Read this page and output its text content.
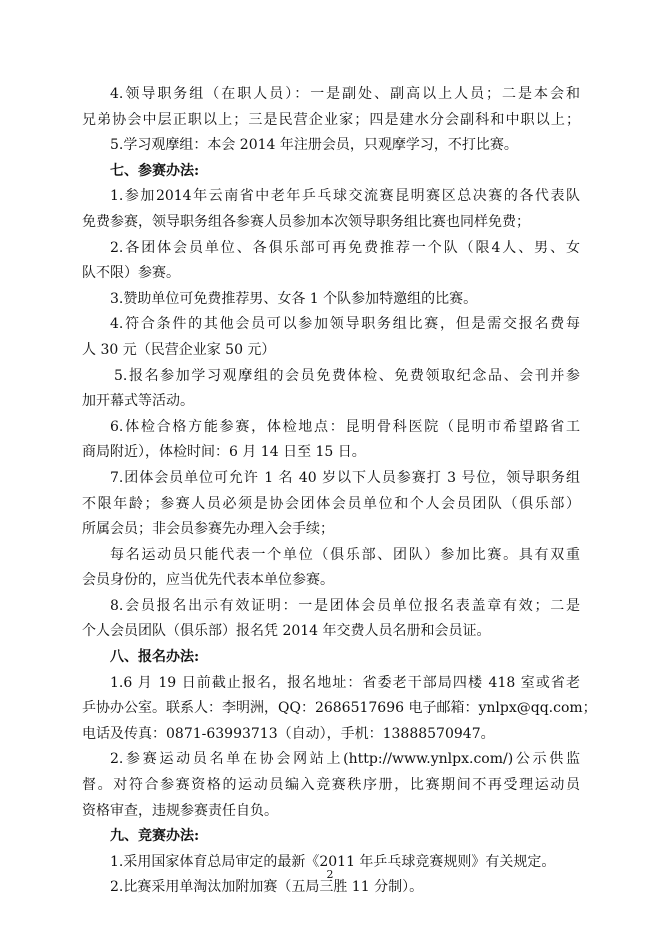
4.领导职务组（在职人员）：一是副处、副高以上人员；二是本会和
兄弟协会中层正职以上；三是民营企业家；四是建水分会副科和中职以上；
5.学习观摩组：本会 2014 年注册会员，只观摩学习，不打比赛。
七、参赛办法:
1.参加2014年云南省中老年乒乓球交流赛昆明赛区总决赛的各代表队
免费参赛，领导职务组各参赛人员参加本次领导职务组比赛也同样免费；
2.各团体会员单位、各俱乐部可再免费推荐一个队（限4人、男、女
队不限）参赛。
3.赞助单位可免费推荐男、女各 1 个队参加特邀组的比赛。
4.符合条件的其他会员可以参加领导职务组比赛，但是需交报名费每
人 30 元（民营企业家 50 元）
5.报名参加学习观摩组的会员免费体检、免费领取纪念品、会刊并参
加开幕式等活动。
6.体检合格方能参赛，体检地点：昆明骨科医院（昆明市希望路省工
商局附近），体检时间：6 月 14 日至 15 日。
7.团体会员单位可允许 1 名 40 岁以下人员参赛打 3 号位，领导职务组
不限年龄；参赛人员必须是协会团体会员单位和个人会员团队（俱乐部）
所属会员；非会员参赛先办理入会手续；
每名运动员只能代表一个单位（俱乐部、团队）参加比赛。具有双重
会员身份的，应当优先代表本单位参赛。
8.会员报名出示有效证明：一是团体会员单位报名表盖章有效；二是
个人会员团队（俱乐部）报名凭 2014 年交费人员名册和会员证。
八、报名办法:
1.6 月 19 日前截止报名，报名地址：省委老干部局四楼 418 室或省老
乒协办公室。联系人：李明洲，QQ：2686517696 电子邮箱：ynlpx@qq.com；
电话及传真：0871-63993713（自动），手机：13888570947。
2.参赛运动员名单在协会网站上(http://www.ynlpx.com/)公示供监
督。对符合参赛资格的运动员编入竞赛秩序册，比赛期间不再受理运动员
资格审查，违规参赛责任自负。
九、竞赛办法:
1.采用国家体育总局审定的最新《2011 年乒乓球竞赛规则》有关规定。
2.比赛采用单淘汰加附加赛（五局三胜 11 分制）。
2
